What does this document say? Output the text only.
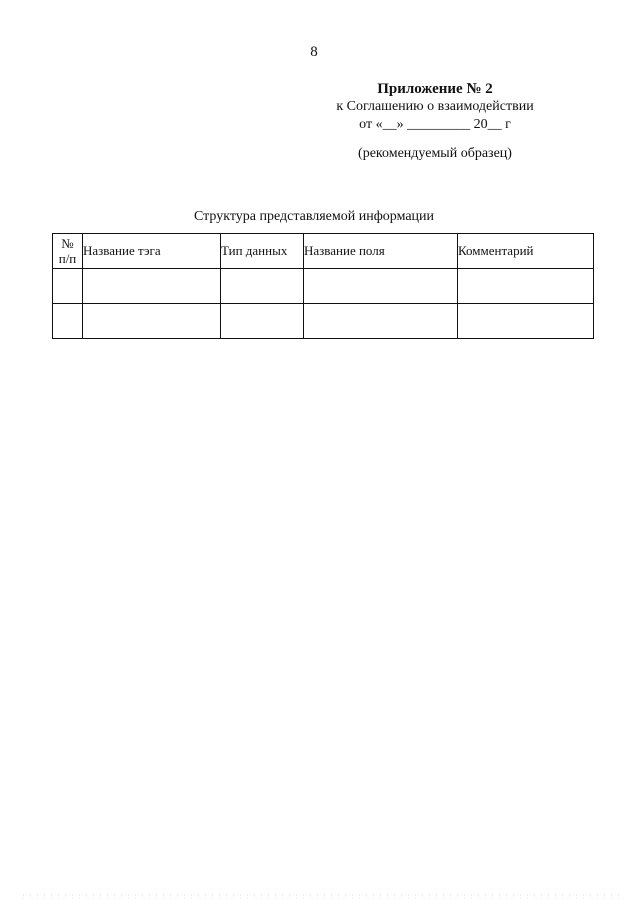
8
Приложение № 2
к Соглашению о взаимодействии
от «__» _________ 20__ г
(рекомендуемый образец)
Структура представляемой информации
№
п/п	Название тэга	Тип данных	Название поля	Комментарий
